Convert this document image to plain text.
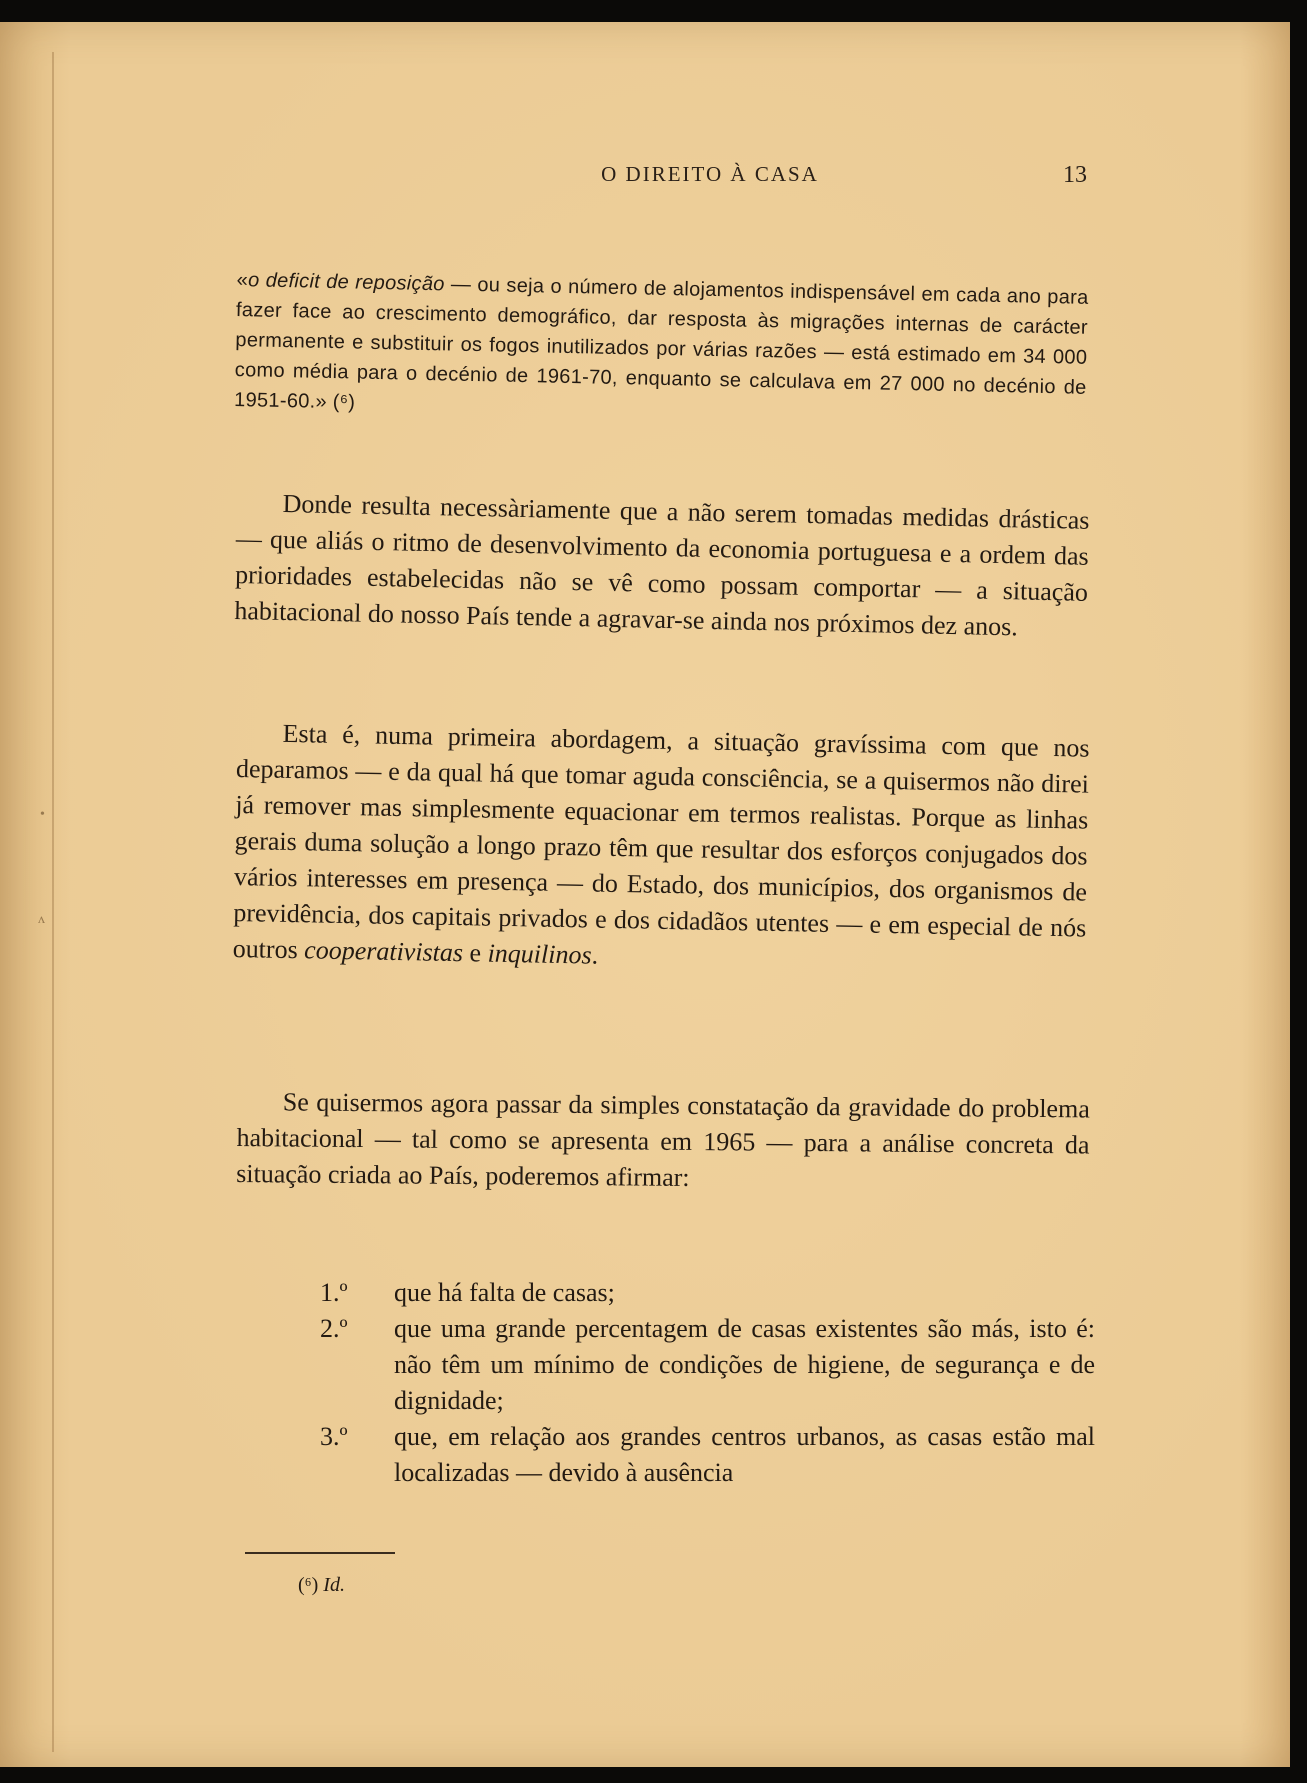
•
ʌ
O DIREITO À CASA	13
«o deficit de reposição — ou seja o número de alojamentos indispensável em cada ano para fazer face ao crescimento demográfico, dar resposta às migrações internas de carácter permanente e substituir os fogos inutilizados por várias razões — está estimado em 34 000 como média para o decénio de 1961-70, enquanto se calculava em 27 000 no decénio de 1951-60.» (⁶)
Donde resulta necessàriamente que a não serem tomadas medidas drásticas — que aliás o ritmo de desenvolvimento da economia portuguesa e a ordem das prioridades estabelecidas não se vê como possam comportar — a situação habitacional do nosso País tende a agravar-se ainda nos próximos dez anos.
Esta é, numa primeira abordagem, a situação gravíssima com que nos deparamos — e da qual há que tomar aguda consciência, se a quisermos não direi já remover mas simplesmente equacionar em termos realistas. Porque as linhas gerais duma solução a longo prazo têm que resultar dos esforços conjugados dos vários interesses em presença — do Estado, dos municípios, dos organismos de previdência, dos capitais privados e dos cidadãos utentes — e em especial de nós outros cooperativistas e inquilinos.
Se quisermos agora passar da simples constatação da gravidade do problema habitacional — tal como se apresenta em 1965 — para a análise concreta da situação criada ao País, poderemos afirmar:
1.º	que há falta de casas;
2.º	que uma grande percentagem de casas existentes são más, isto é: não têm um mínimo de condições de higiene, de segurança e de dignidade;
3.º	que, em relação aos grandes centros urbanos, as casas estão mal localizadas — devido à ausência
(⁶) Id.
